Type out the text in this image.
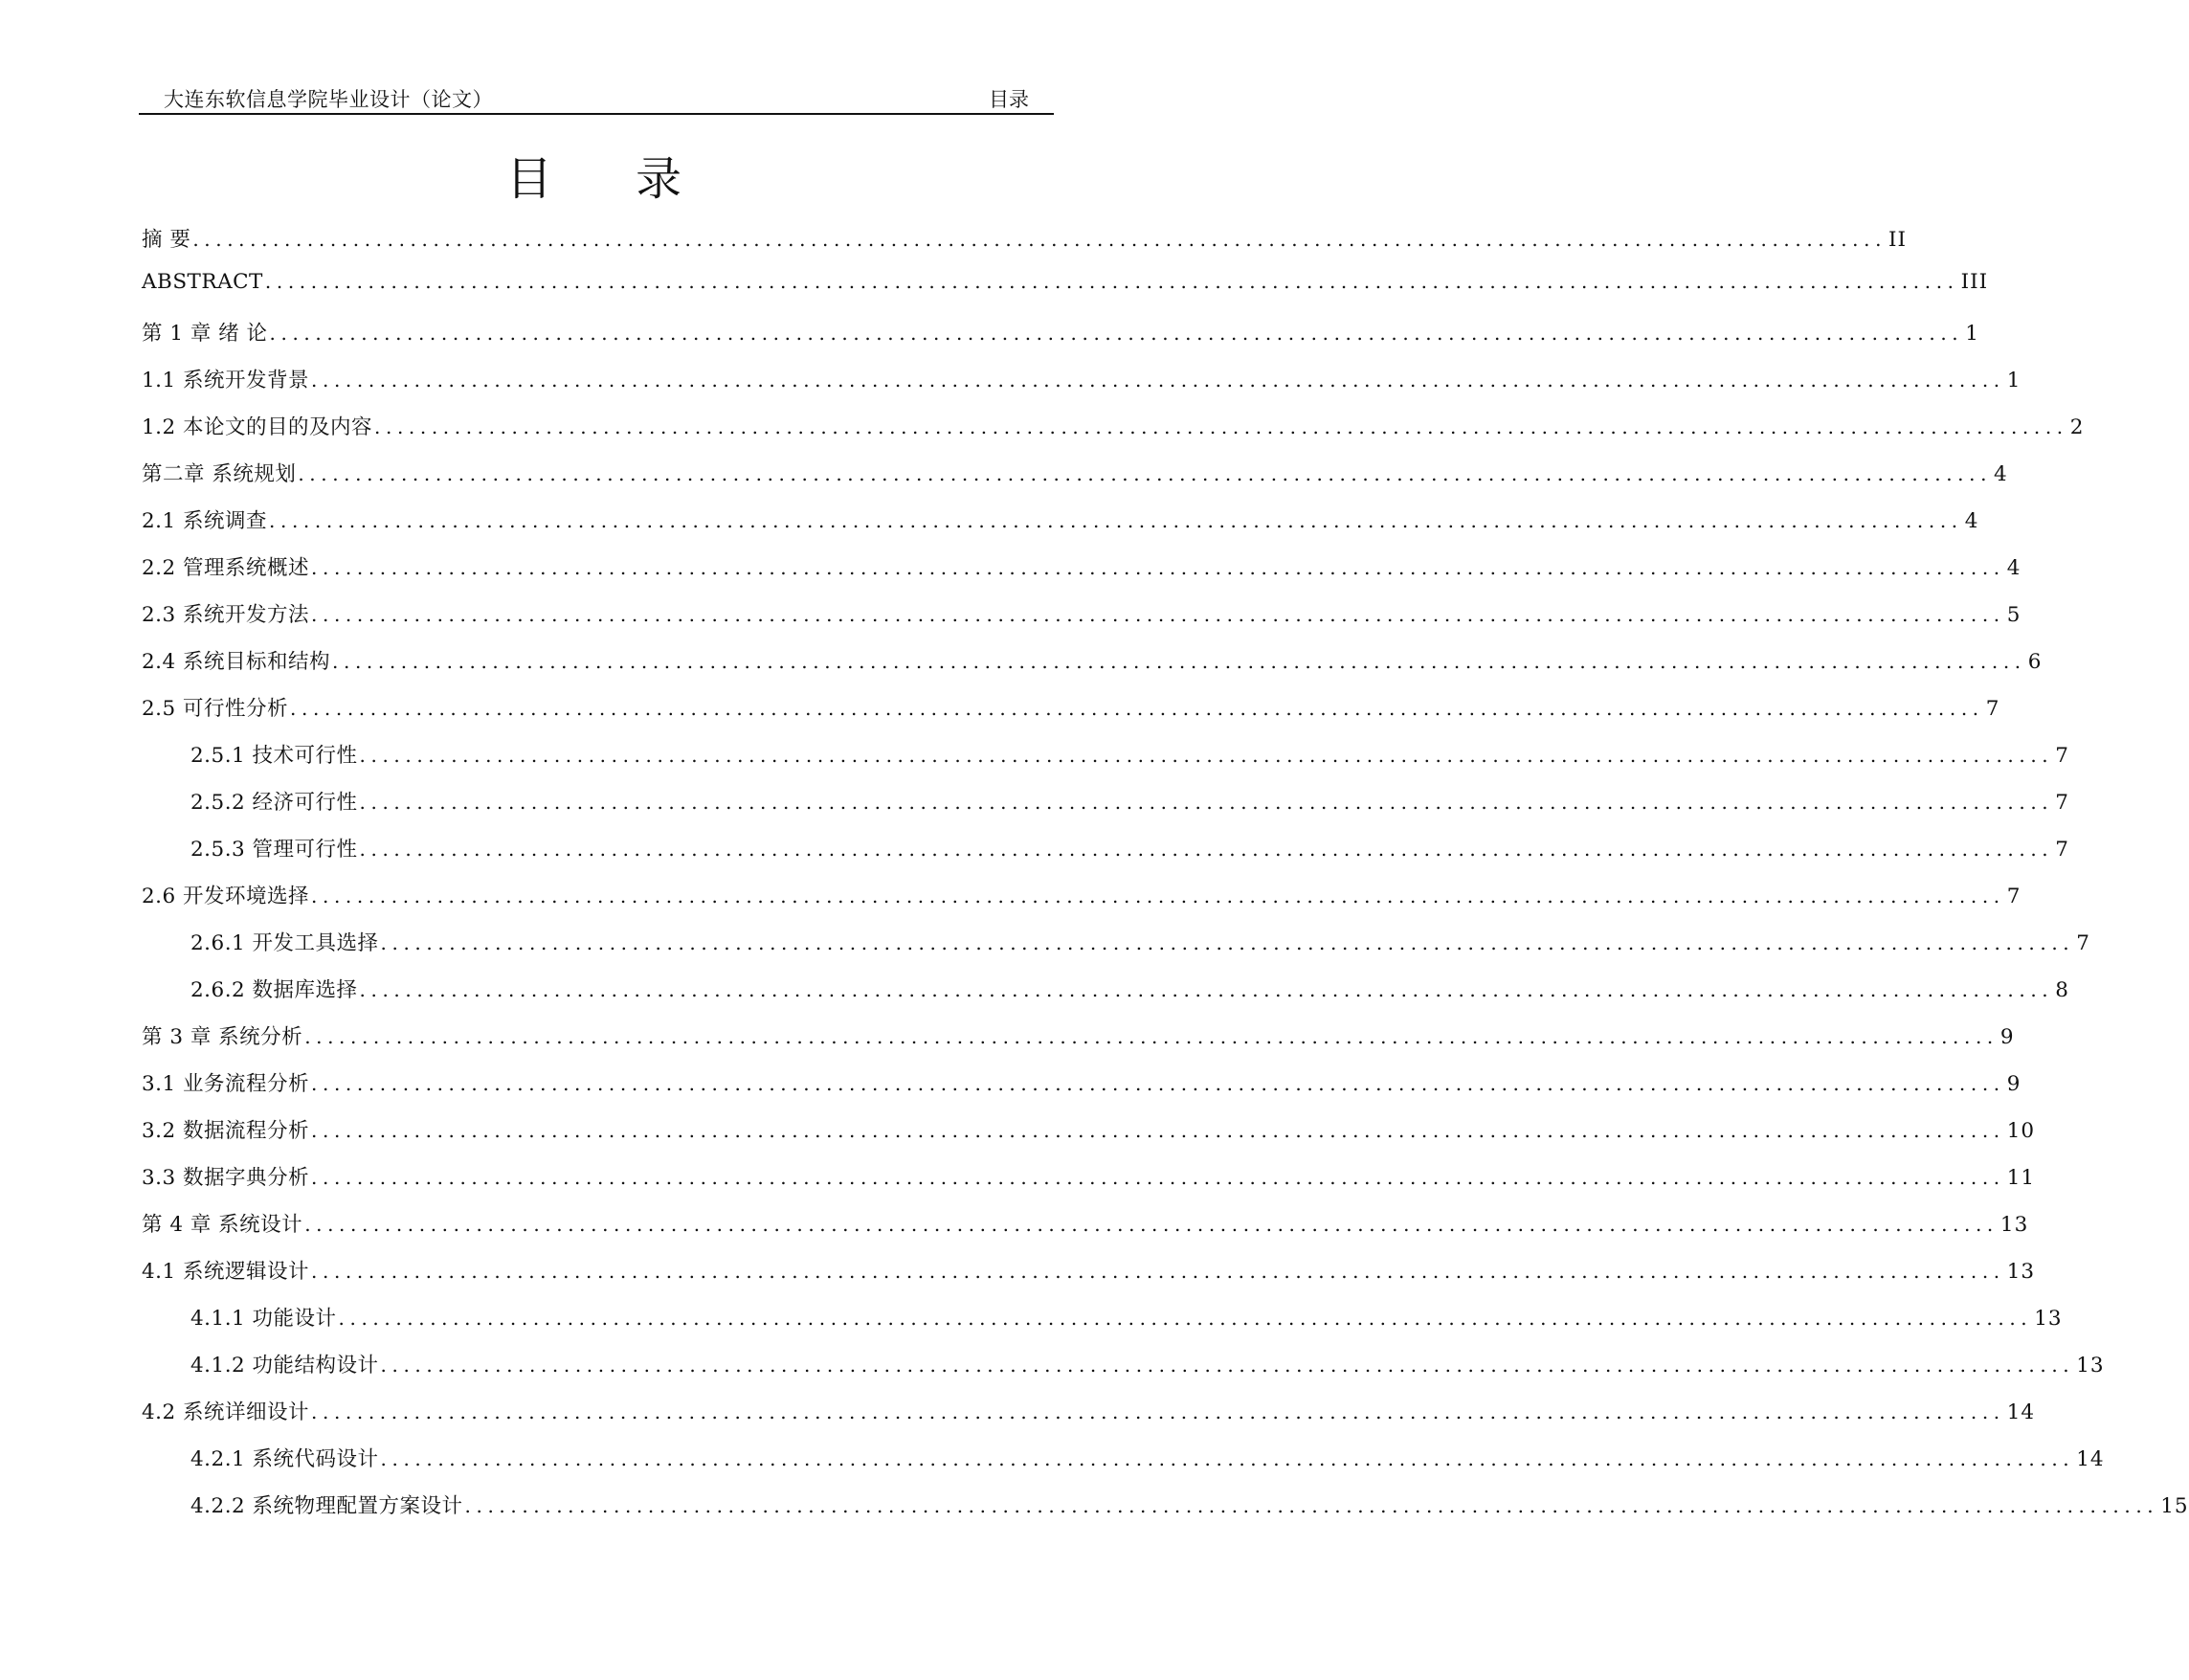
大连东软信息学院毕业设计（论文）	目录
目 录
摘 要 .................................................................................................................................................... II
ABSTRACT .................................................................................................................................................... III
第 1 章 绪 论 .................................................................................................................................................... 1
1.1 系统开发背景 .................................................................................................................................................... 1
1.2 本论文的目的及内容 .................................................................................................................................................... 2
第二章 系统规划 .................................................................................................................................................... 4
2.1 系统调查 .................................................................................................................................................... 4
2.2 管理系统概述 .................................................................................................................................................... 4
2.3 系统开发方法 .................................................................................................................................................... 5
2.4 系统目标和结构 .................................................................................................................................................... 6
2.5 可行性分析 .................................................................................................................................................... 7
2.5.1 技术可行性 .................................................................................................................................................... 7
2.5.2 经济可行性 .................................................................................................................................................... 7
2.5.3 管理可行性 .................................................................................................................................................... 7
2.6 开发环境选择 .................................................................................................................................................... 7
2.6.1 开发工具选择 .................................................................................................................................................... 7
2.6.2 数据库选择 .................................................................................................................................................... 8
第 3 章 系统分析 .................................................................................................................................................... 9
3.1 业务流程分析 .................................................................................................................................................... 9
3.2 数据流程分析 .................................................................................................................................................... 10
3.3 数据字典分析 .................................................................................................................................................... 11
第 4 章 系统设计 .................................................................................................................................................... 13
4.1 系统逻辑设计 .................................................................................................................................................... 13
4.1.1 功能设计 .................................................................................................................................................... 13
4.1.2 功能结构设计 .................................................................................................................................................... 13
4.2 系统详细设计 .................................................................................................................................................... 14
4.2.1 系统代码设计 .................................................................................................................................................... 14
4.2.2 系统物理配置方案设计 .................................................................................................................................................... 15
